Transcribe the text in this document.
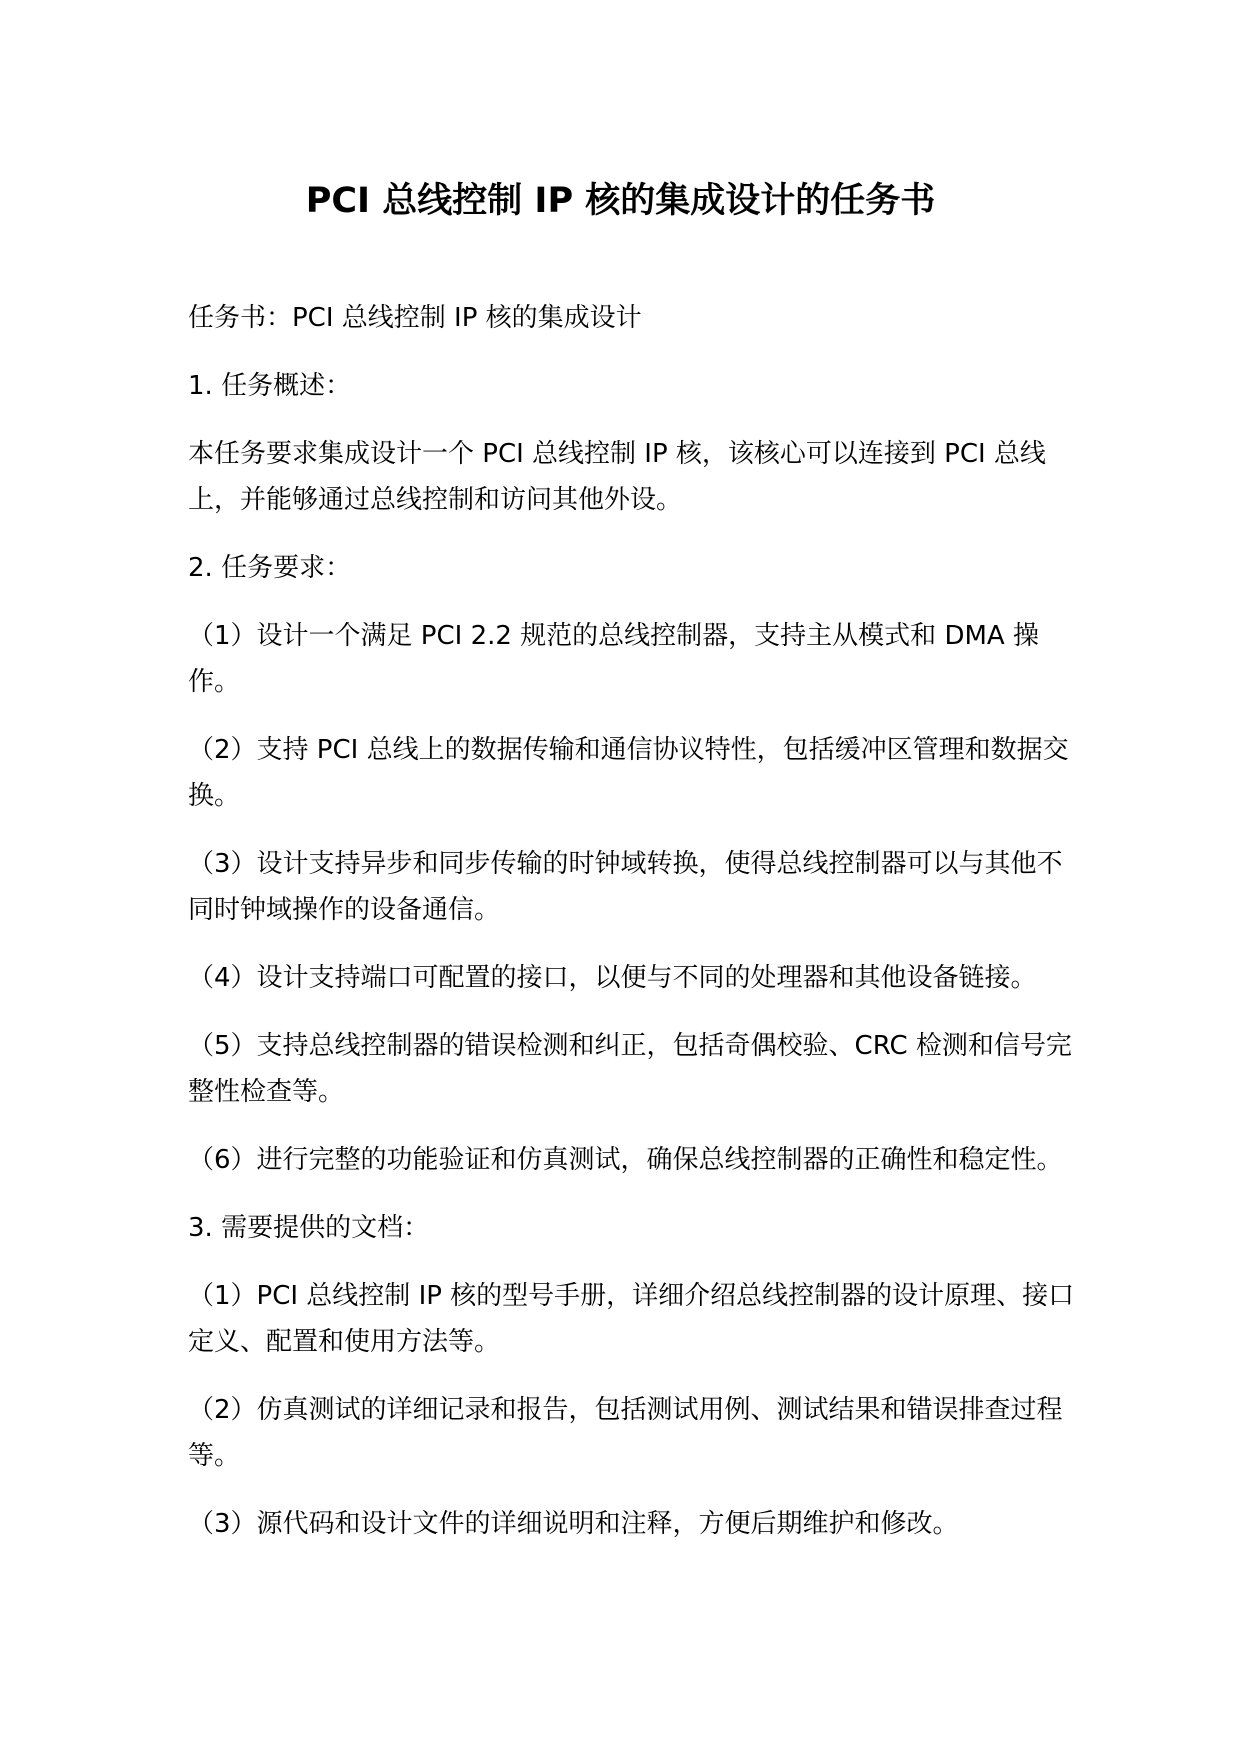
PCI 总线控制 IP 核的集成设计的任务书

任务书：PCI 总线控制 IP 核的集成设计

1. 任务概述：

本任务要求集成设计一个 PCI 总线控制 IP 核，该核心可以连接到 PCI 总线上，并能够通过总线控制和访问其他外设。

2. 任务要求：

（1）设计一个满足 PCI 2.2 规范的总线控制器，支持主从模式和 DMA 操作。

（2）支持 PCI 总线上的数据传输和通信协议特性，包括缓冲区管理和数据交换。

（3）设计支持异步和同步传输的时钟域转换，使得总线控制器可以与其他不同时钟域操作的设备通信。

（4）设计支持端口可配置的接口，以便与不同的处理器和其他设备链接。

（5）支持总线控制器的错误检测和纠正，包括奇偶校验、CRC 检测和信号完整性检查等。

（6）进行完整的功能验证和仿真测试，确保总线控制器的正确性和稳定性。

3. 需要提供的文档：

（1）PCI 总线控制 IP 核的型号手册，详细介绍总线控制器的设计原理、接口定义、配置和使用方法等。

（2）仿真测试的详细记录和报告，包括测试用例、测试结果和错误排查过程等。

（3）源代码和设计文件的详细说明和注释，方便后期维护和修改。
